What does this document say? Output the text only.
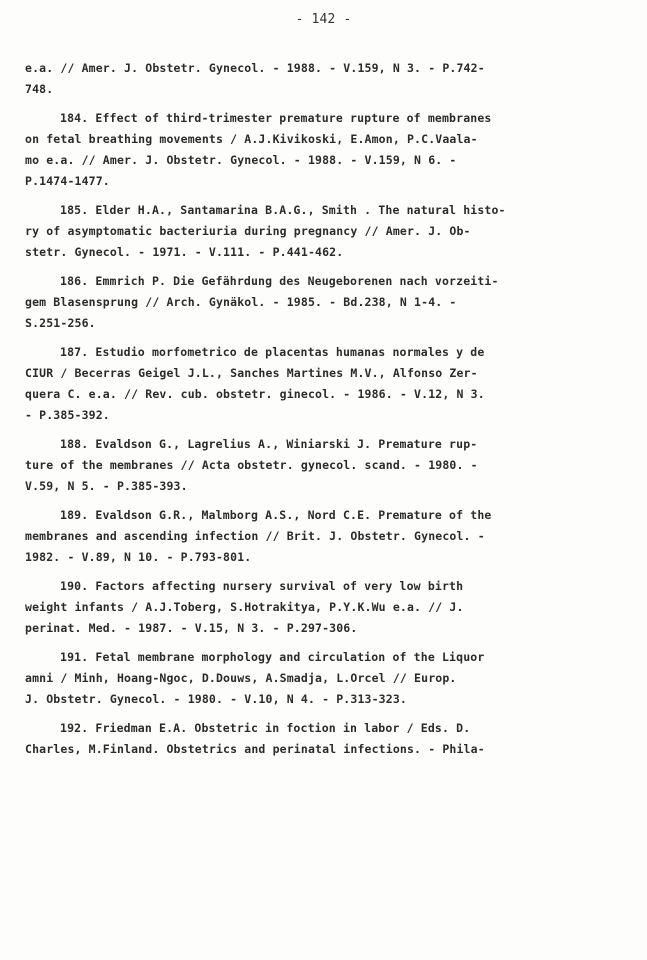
- 142 -
e.a. // Amer. J. Obstetr. Gynecol. - 1988. - V.159, N 3. - P.742-
748.
184. Effect of third-trimester premature rupture of membranes
on fetal breathing movements / A.J.Kivikoski, E.Amon, P.C.Vaala-
mo e.a. // Amer. J. Obstetr. Gynecol. - 1988. - V.159, N 6. -
P.1474-1477.
185. Elder H.A., Santamarina B.A.G., Smith . The natural histo-
ry of asymptomatic bacteriuria during pregnancy // Amer. J. Ob-
stetr. Gynecol. - 1971. - V.111. - P.441-462.
186. Emmrich P. Die Gefährdung des Neugeborenen nach vorzeiti-
gem Blasensprung // Arch. Gynäkol. - 1985. - Bd.238, N 1-4. -
S.251-256.
187. Estudio morfometrico de placentas humanas normales y de
CIUR / Becerras Geigel J.L., Sanches Martines M.V., Alfonso Zer-
quera C. e.a. // Rev. cub. obstetr. ginecol. - 1986. - V.12, N 3.
- P.385-392.
188. Evaldson G., Lagrelius A., Winiarski J. Premature rup-
ture of the membranes // Acta obstetr. gynecol. scand. - 1980. -
V.59, N 5. - P.385-393.
189. Evaldson G.R., Malmborg A.S., Nord C.E. Premature of the
membranes and ascending infection // Brit. J. Obstetr. Gynecol. -
1982. - V.89, N 10. - P.793-801.
190. Factors affecting nursery survival of very low birth
weight infants / A.J.Toberg, S.Hotrakitya, P.Y.K.Wu e.a. // J.
perinat. Med. - 1987. - V.15, N 3. - P.297-306.
191. Fetal membrane morphology and circulation of the Liquor
amni / Minh, Hoang-Ngoc, D.Douws, A.Smadja, L.Orcel // Europ.
J. Obstetr. Gynecol. - 1980. - V.10, N 4. - P.313-323.
192. Friedman E.A. Obstetric in foction in labor / Eds. D.
Charles, M.Finland. Obstetrics and perinatal infections. - Phila-
